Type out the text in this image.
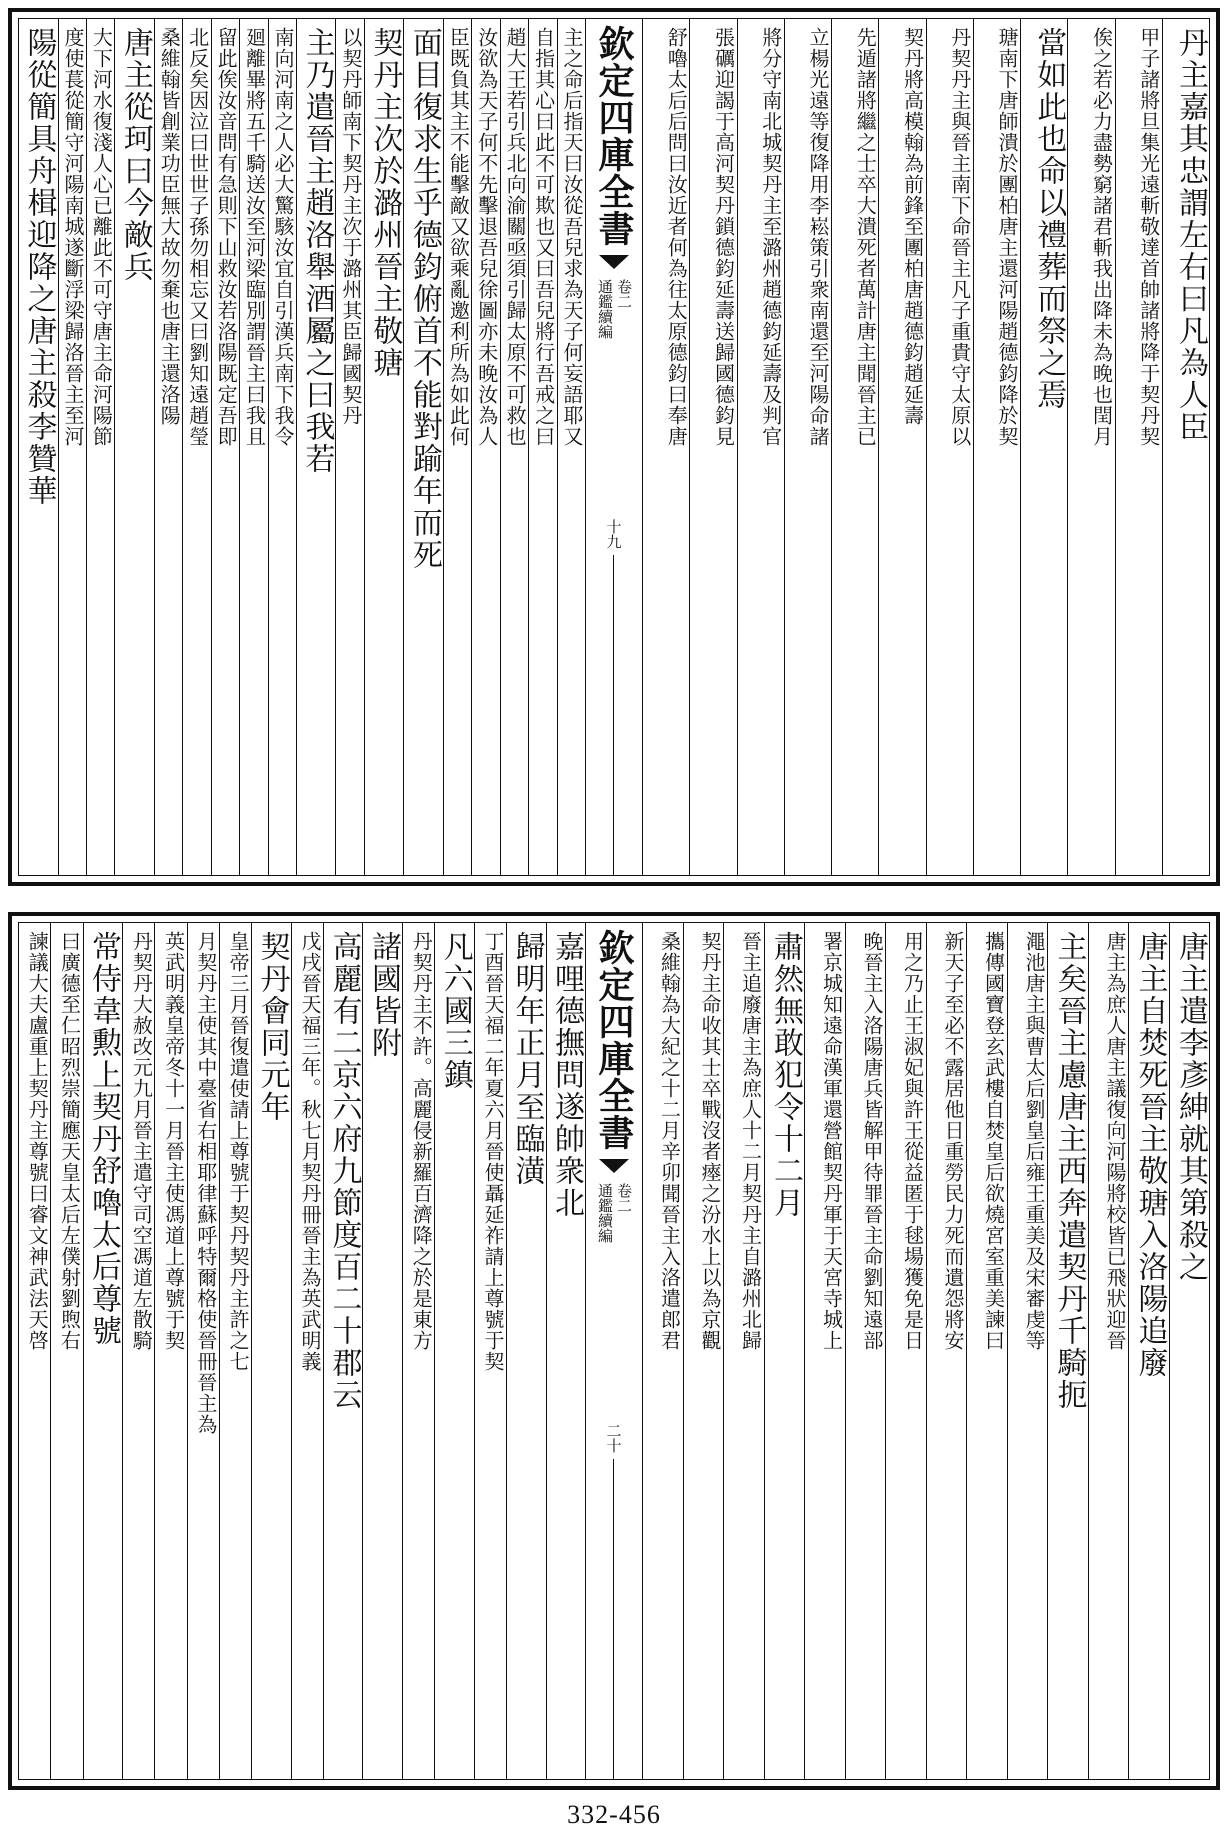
主之命后指天曰汝從吾兒求為天子何妄語耶又
自指其心曰此不可欺也又曰吾兒將行吾戒之曰
趙大王若引兵北向渝關亟須引歸太原不可救也
汝欲為天子何不先擊退吾兒徐圖亦未晚汝為人
臣既負其主不能擊敵又欲乘亂邀利所為如此何
面目復求生乎德鈞俯首不能對踰年而死
契丹主次於潞州晉主敬瑭
以契丹師南下契丹主次于潞州其臣歸國契丹
主乃遣晉主趙洛舉酒屬之曰我若
南向河南之人必大驚駭汝宜自引漢兵南下我令
廻離畢將五千騎送汝至河梁臨別謂晉主曰我且
留此俟汝音問有急則下山救汝若洛陽既定吾即
北反矣因泣曰世世子孫勿相忘又曰劉知遠趙瑩
桑維翰皆創業功臣無大故勿棄也唐主還洛陽
唐主從珂曰今敵兵
大下河水復淺人心已離此不可守唐主命河陽節
度使萇從簡守河陽南城遂斷浮梁歸洛晉主至河
陽從簡具舟楫迎降之唐主殺李贊華	欽定四庫全書
卷二
通鑑續編
十九
丹主嘉其忠謂左右曰凡為人臣
甲子諸將旦集光遠斬敬達首帥諸將降于契丹契
俟之若必力盡勢窮諸君斬我出降未為晚也閏月
當如此也命以禮葬而祭之焉
瑭南下唐師潰於團柏唐主還河陽趙德鈞降於契
丹契丹主與晉主南下命晉主凡子重貴守太原以
契丹將高模翰為前鋒至團柏唐趙德鈞趙延壽
先遁諸將繼之士卒大潰死者萬計唐主聞晉主已
立楊光遠等復降用李崧策引衆南還至河陽命諸
將分守南北城契丹主至潞州趙德鈞延壽及判官
張礪迎謁于高河契丹鎖德鈞延壽送歸國德鈞見
舒嚕太后后問曰汝近者何為往太原德鈞曰奉唐
嘉哩德撫問遂帥衆北
歸明年正月至臨潢
丁酉晉天福二年夏六月晉使聶延祚請上尊號于契
凡六國三鎮
丹契丹主不許。高麗侵新羅百濟降之於是東方
諸國皆附
高麗有二京六府九節度百二十郡云
戊戌晉天福三年。秋七月契丹冊晉主為英武明義
契丹會同元年
皇帝三月晉復遣使請上尊號于契丹契丹主許之七
月契丹主使其中臺省右相耶律蘇呼特爾格使晉冊晉主為
英武明義皇帝冬十一月晉主使馮道上尊號于契
丹契丹大赦改元九月晉主遣守司空馮道左散騎
常侍韋勲上契丹舒嚕太后尊號
曰廣德至仁昭烈崇簡應天皇太后左僕射劉煦右
諫議大夫盧重上契丹主尊號曰睿文神武法天啓	欽定四庫全書
卷二
通鑑續編
二十
唐主遣李彥紳就其第殺之
唐主自焚死晉主敬瑭入洛陽追廢
唐主為庶人唐主議復向河陽將校皆已飛狀迎晉
主矣晉主慮唐主西奔遣契丹千騎扼
澠池唐主與曹太后劉皇后雍王重美及宋審虔等
攜傳國寶登玄武樓自焚皇后欲燒宮室重美諫曰
新天子至必不露居他日重勞民力死而遺怨將安
用之乃止王淑妃與許王從益匿于毬場獲免是日
晚晉主入洛陽唐兵皆解甲待罪晉主命劉知遠部
署京城知遠命漢軍還營館契丹軍于天宮寺城上
肅然無敢犯令十二月
晉主追廢唐主為庶人十二月契丹主自潞州北歸
契丹主命收其士卒戰沒者瘞之汾水上以為京觀
桑維翰為大紀之十二月辛卯聞晉主入洛遣郎君
332-456
